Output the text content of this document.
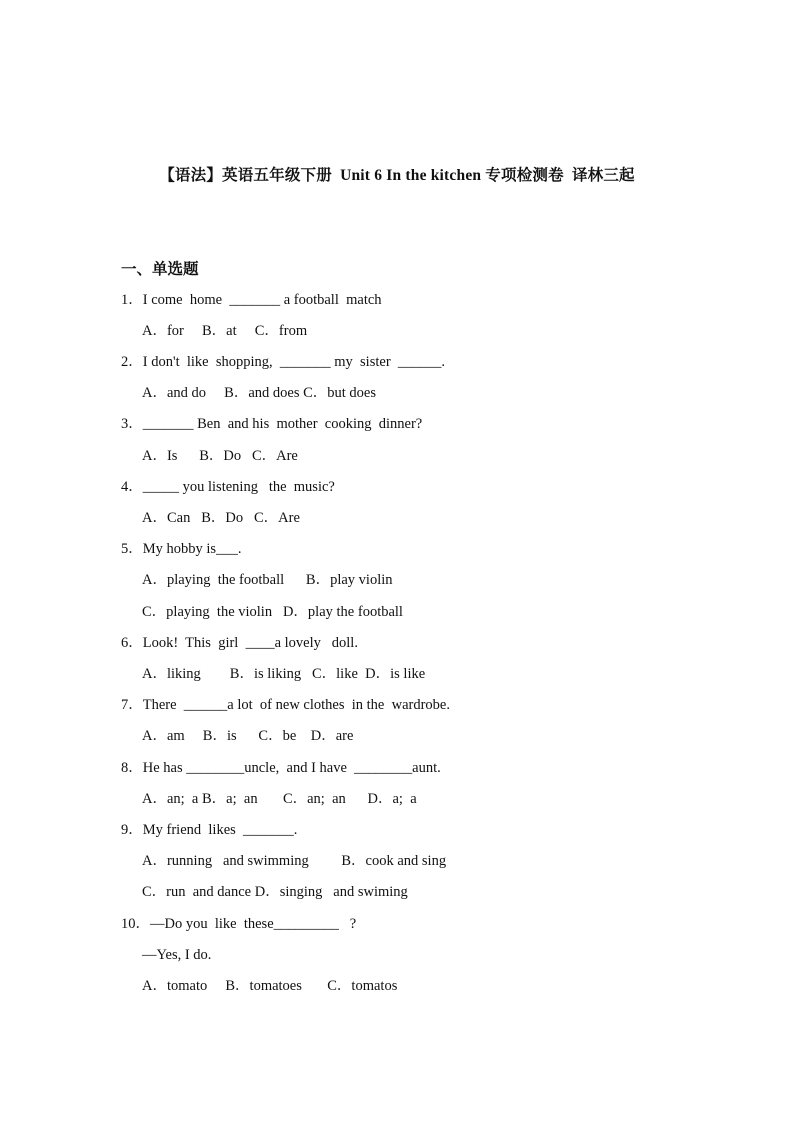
【语法】英语五年级下册  Unit 6 In the kitchen 专项检测卷  译林三起
一、单选题
1．I come  home  _______ a football  match
A．for     B．at     C．from
2．I don't  like  shopping,  _______ my  sister  ______.
A．and do     B．and does C．but does
3．_______ Ben  and his  mother  cooking  dinner?
A．Is      B．Do   C．Are
4．_____ you listening   the  music?
A．Can   B．Do   C．Are
5．My hobby is___.
A．playing  the football      B．play violin
C．playing  the violin   D．play the football
6．Look!  This  girl  ____a lovely   doll.
A．liking        B．is liking   C．like  D．is like
7．There  ______a lot  of new clothes  in the  wardrobe.
A．am     B．is      C．be    D．are
8．He has ________uncle,  and I have  ________aunt.
A．an;  a B．a;  an       C．an;  an      D．a;  a
9．My friend  likes  _______.
A．running   and swimming         B．cook and sing
C．run  and dance D．singing   and swiming
10．—Do you  like  these_________   ?
—Yes, I do.
A．tomato     B．tomatoes       C．tomatos
